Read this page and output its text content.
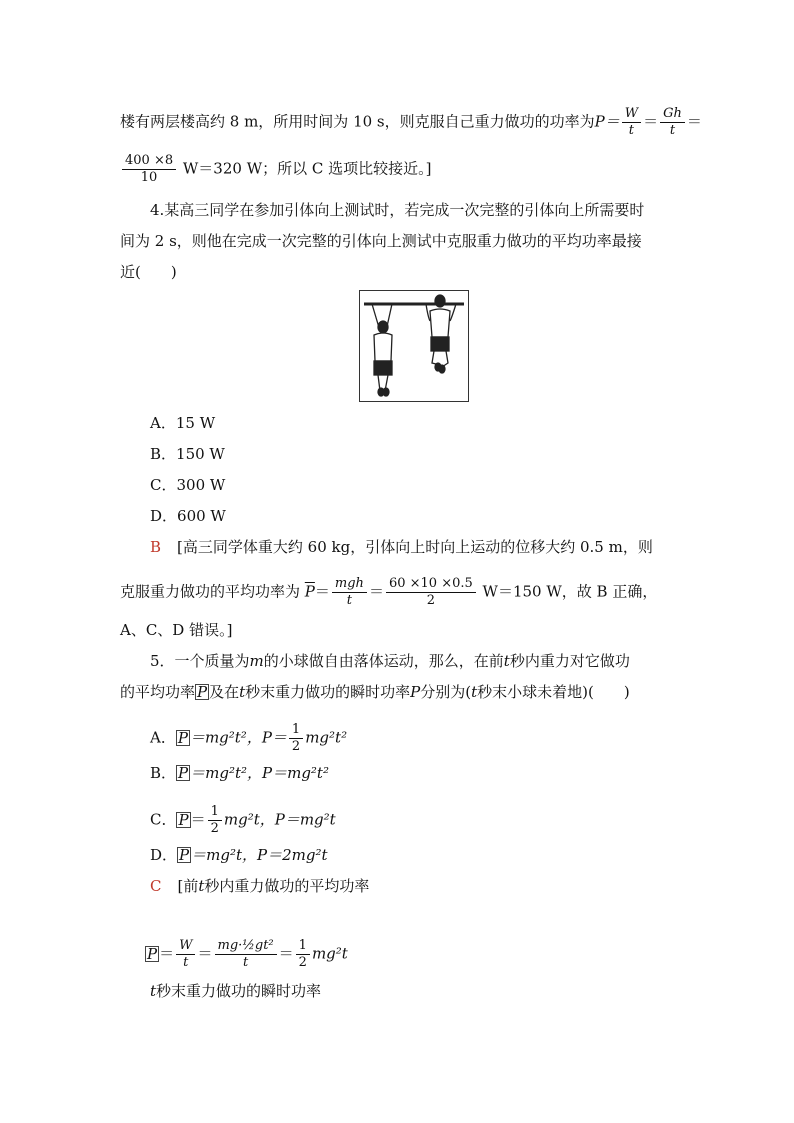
楼有两层楼高约 8 m，所用时间为 10 s，则克服自己重力做功的功率为$P= \frac{W}{t} = \frac{Gh}{t}$ ＝
$\frac{400 \times 8}{10} W=320$ W；所以 C 选项比较接近。]
4.某高三同学在参加引体向上测试时，若完成一次完整的引体向上所需要时
间为 2 s，则他在完成一次完整的引体向上测试中克服重力做功的平均功率最接
近(　　)
A．15 W
B．150 W
C．300 W
D．600 W
B [高三同学体重大约 60 kg，引体向上时向上运动的位移大约 0.5 m，则
克服重力做功的平均功率为 $\overline{P}= \frac{\text{mgh}}{t} = \frac{60 \times 10 \times 0.5}{2} W=150$ W，故 B 正确，
A、C、D 错误。]
5．一个质量为m的小球做自由落体运动，那么，在前t秒内重力对它做功
的平均功率 P 及在t秒末重力做功的瞬时功率P分别为(t秒末小球未着地)(　　)
A． P ＝mg²t²，$P= \frac{1}{2} mg^2t^2$
B． P ＝mg²t²，P＝mg²t²
C． $P = \frac{1}{2} mg^2t$，P＝mg²t
D． P ＝mg²t，P＝2mg²t
C [前t秒内重力做功的平均功率
$P = \frac{W}{t} = \frac{\text{mg·½gt²}}{t} = \frac{1}{2} mg^2t$
t秒末重力做功的瞬时功率
